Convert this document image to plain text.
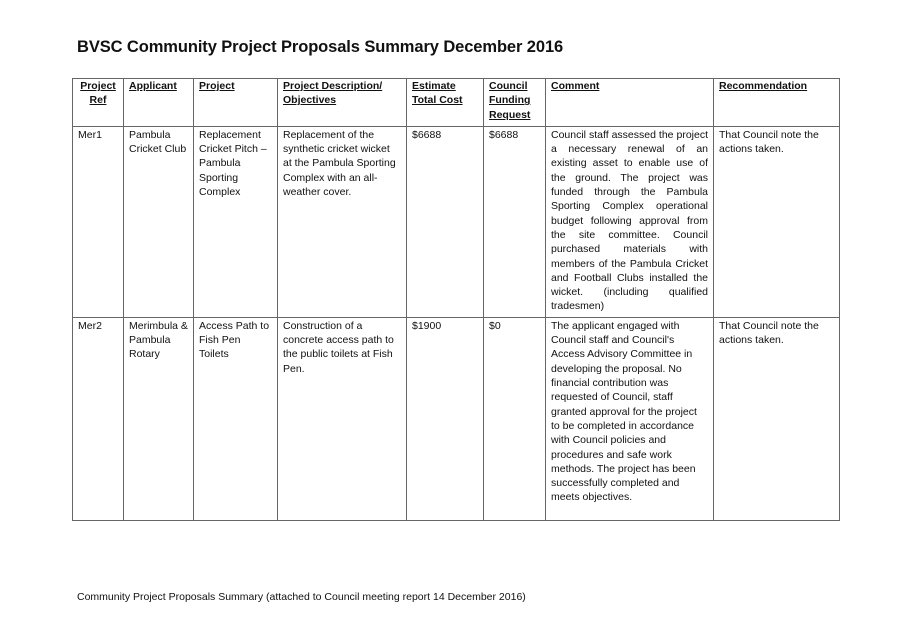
BVSC Community Project Proposals Summary December 2016
Project Ref	Applicant	Project	Project Description/ Objectives	Estimate Total Cost	Council Funding Request	Comment	Recommendation
Mer1	Pambula Cricket Club	Replacement Cricket Pitch – Pambula Sporting Complex	Replacement of the synthetic cricket wicket at the Pambula Sporting Complex with an all-weather cover.	$6688	$6688	Council staff assessed the project a necessary renewal of an existing asset to enable use of the ground. The project was funded through the Pambula Sporting Complex operational budget following approval from the site committee. Council purchased materials with members of the Pambula Cricket and Football Clubs installed the wicket. (including qualified tradesmen)	That Council note the actions taken.
Mer2	Merimbula & Pambula Rotary	Access Path to Fish Pen Toilets	Construction of a concrete access path to the public toilets at Fish Pen.	$1900	$0	The applicant engaged with Council staff and Council's Access Advisory Committee in developing the proposal. No financial contribution was requested of Council, staff granted approval for the project to be completed in accordance with Council policies and procedures and safe work methods. The project has been successfully completed and meets objectives.	That Council note the actions taken.
Community Project Proposals Summary (attached to Council meeting report 14 December 2016)
